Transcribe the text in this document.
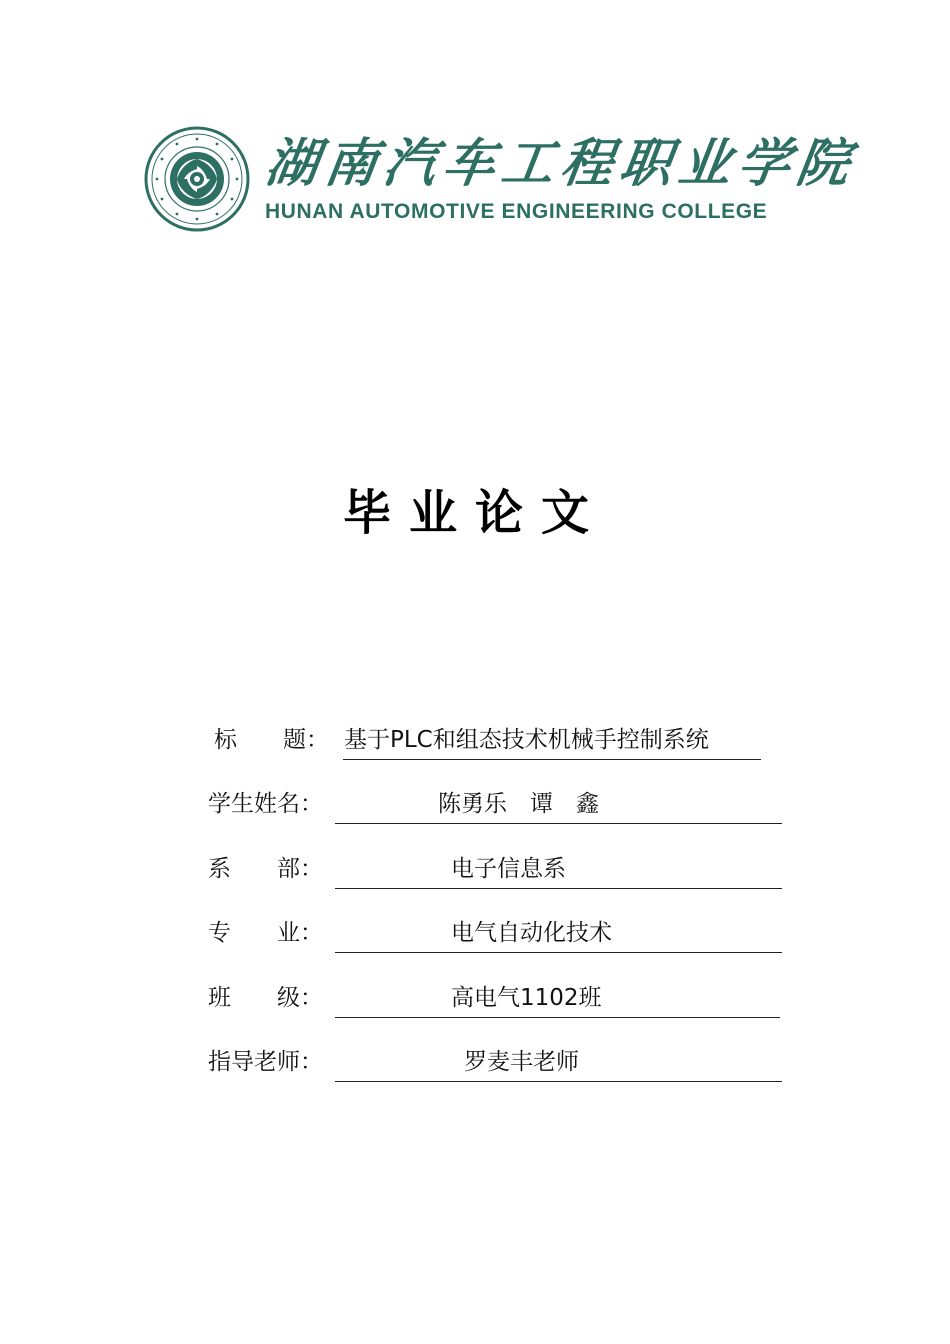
湖南汽车工程职业学院
HUNAN AUTOMOTIVE ENGINEERING COLLEGE
毕业论文
标　　题： 基于PLC和组态技术机械手控制系统
学生姓名：	陈勇乐　谭　鑫
系　　部：	电子信息系
专　　业：	电气自动化技术
班　　级：	高电气1102班
指导老师：	罗麦丰老师
